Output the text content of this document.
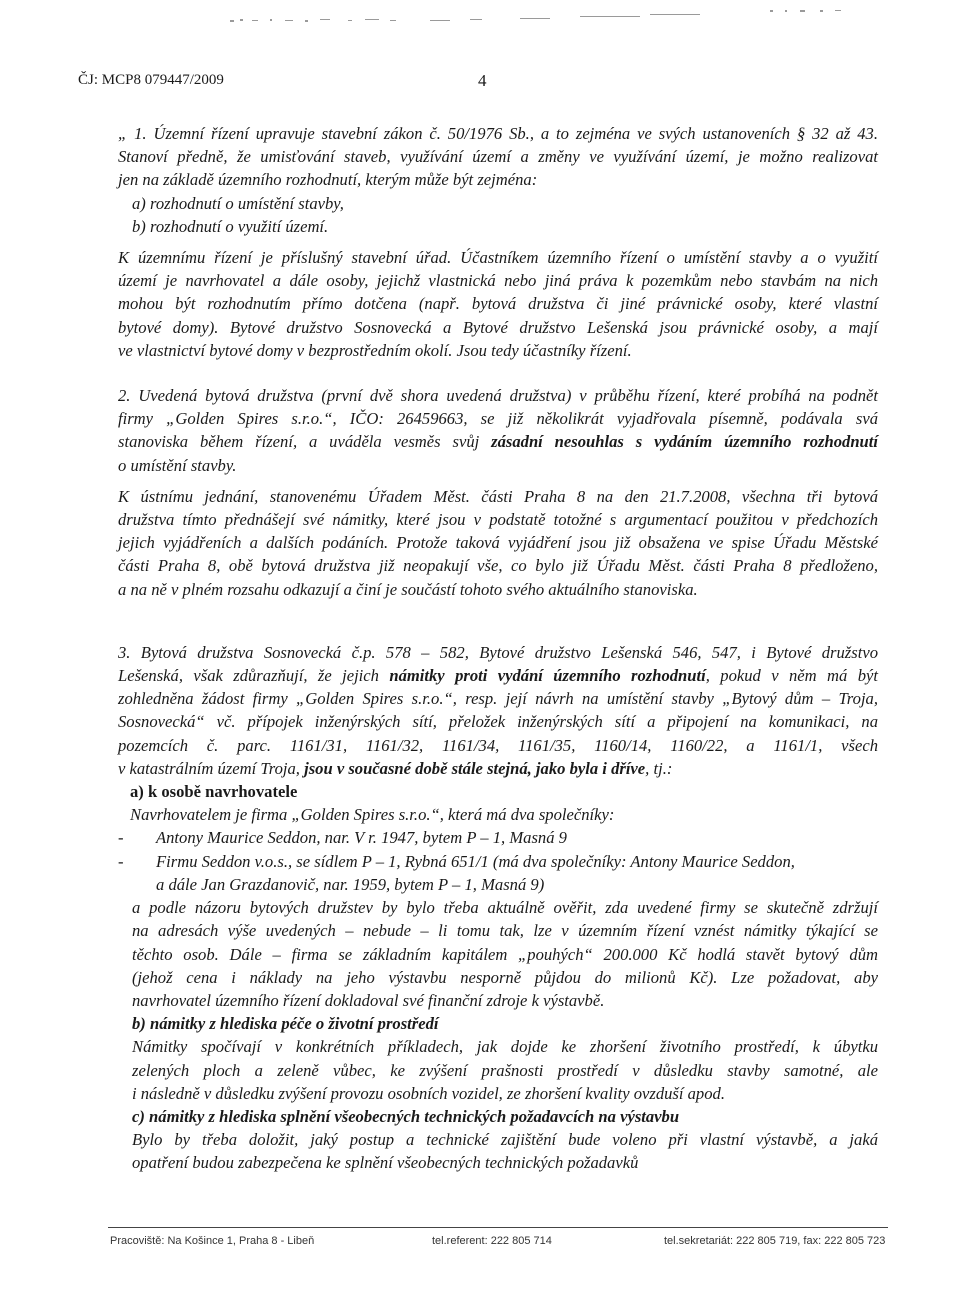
ČJ: MCP8 079447/2009	4

„ 1. Územní řízení upravuje stavební zákon č. 50/1976 Sb., a to zejména ve svých ustanoveních § 32 až 43.

Stanoví předně, že umisťování staveb, využívání území a změny ve využívání území, je možno realizovat

jen na základě územního rozhodnutí, kterým může být zejména:

a) rozhodnutí o umístění stavby,

b) rozhodnutí o využití území.

K územnímu řízení je příslušný stavební úřad. Účastníkem územního řízení o umístění stavby a o využití

území je navrhovatel a dále osoby, jejichž vlastnická nebo jiná práva k pozemkům nebo stavbám na nich

mohou být rozhodnutím přímo dotčena (např. bytová družstva či jiné právnické osoby, které vlastní

bytové domy). Bytové družstvo Sosnovecká a Bytové družstvo Lešenská jsou právnické osoby, a mají

ve vlastnictví bytové domy v bezprostředním okolí. Jsou tedy účastníky řízení.

2. Uvedená bytová družstva (první dvě shora uvedená družstva) v průběhu řízení, které probíhá na podnět

firmy „Golden Spires s.r.o.“, IČO: 26459663, se již několikrát vyjadřovala písemně, podávala svá

stanoviska během řízení, a uváděla vesměs svůj zásadní nesouhlas s vydáním územního rozhodnutí

o umístění stavby.

K ústnímu jednání, stanovenému Úřadem Měst. části Praha 8 na den 21.7.2008, všechna tři bytová

družstva tímto přednášejí své námitky, které jsou v podstatě totožné s argumentací použitou v předchozích

jejich vyjádřeních a dalších podáních. Protože taková vyjádření jsou již obsažena ve spise Úřadu Městské

části Praha 8, obě bytová družstva již neopakují vše, co bylo již Úřadu Měst. části Praha 8 předloženo,

a na ně v plném rozsahu odkazují a činí je součástí tohoto svého aktuálního stanoviska.

3. Bytová družstva Sosnovecká č.p. 578 – 582, Bytové družstvo Lešenská 546, 547, i Bytové družstvo

Lešenská, však zdůrazňují, že jejich námitky proti vydání územního rozhodnutí, pokud v něm má být

zohledněna žádost firmy „Golden Spires s.r.o.“, resp. její návrh na umístění stavby „Bytový dům – Troja,

Sosnovecká“ vč. přípojek inženýrských sítí, přeložek inženýrských sítí a připojení na komunikaci, na

pozemcích č. parc. 1161/31, 1161/32, 1161/34, 1161/35, 1160/14, 1160/22, a 1161/1, všech

v katastrálním území Troja, jsou v současné době stále stejná, jako byla i dříve, tj.:

a) k osobě navrhovatele

Navrhovatelem je firma „Golden Spires s.r.o.“, která má dva společníky:

-	Antony Maurice Seddon, nar. V r. 1947, bytem P – 1, Masná 9
-	Firmu Seddon v.o.s., se sídlem P – 1, Rybná 651/1 (má dva společníky: Antony Maurice Seddon,

a dále Jan Grazdanovič, nar. 1959, bytem P – 1, Masná 9)

a podle názoru bytových družstev by bylo třeba aktuálně ověřit, zda uvedené firmy se skutečně zdržují

na adresách výše uvedených – nebude – li tomu tak, lze v územním řízení vznést námitky týkající se

těchto osob. Dále – firma se základním kapitálem „pouhých“ 200.000 Kč hodlá stavět bytový dům

(jehož cena i náklady na jeho výstavbu nesporně půjdou do milionů Kč). Lze požadovat, aby

navrhovatel územního řízení dokladoval své finanční zdroje k výstavbě.

b) námitky z hlediska péče o životní prostředí

Námitky spočívají v konkrétních příkladech, jak dojde ke zhoršení životního prostředí, k úbytku

zelených ploch a zeleně vůbec, ke zvýšení prašnosti prostředí v důsledku stavby samotné, ale

i následně v důsledku zvýšení provozu osobních vozidel, ze zhoršení kvality ovzduší apod.

c) námitky z hlediska splnění všeobecných technických požadavcích na výstavbu

Bylo by třeba doložit, jaký postup a technické zajištění bude voleno při vlastní výstavbě, a jaká

opatření budou zabezpečena ke splnění všeobecných technických požadavků

Pracoviště: Na Košince 1, Praha 8 - Libeň	tel.referent: 222 805 714	tel.sekretariát: 222 805 719, fax: 222 805 723
